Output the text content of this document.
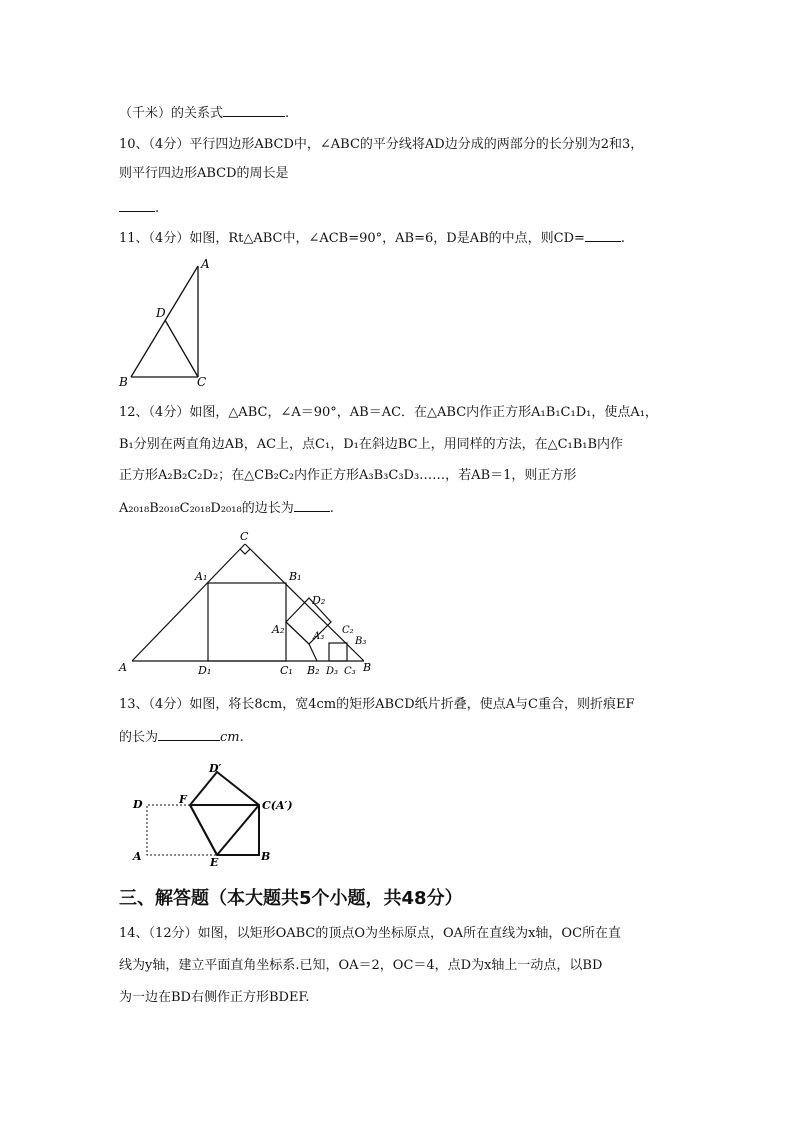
（千米）的关系式	.
10、（4分）平行四边形ABCD中，∠ABC的平分线将AD边分成的两部分的长分别为2和3，
则平行四边形ABCD的周长是
.
11、（4分）如图，Rt△ABC中，∠ACB=90°，AB=6，D是AB的中点，则CD=	.
A
D
B	C
12、（4分）如图，△ABC，∠A＝90°，AB＝AC．在△ABC内作正方形A₁B₁C₁D₁，使点A₁，
B₁分别在两直角边AB，AC上，点C₁，D₁在斜边BC上，用同样的方法，在△C₁B₁B内作
正方形A₂B₂C₂D₂；在△CB₂C₂内作正方形A₃B₃C₃D₃……，若AB＝1，则正方形
A₂₀₁₈B₂₀₁₈C₂₀₁₈D₂₀₁₈的边长为	.
C
A	B
A₁	B₁
D₁	C₁
D₂
A₂
B₂
A₃
C₂
B₃
D₃ C₃
13、（4分）如图，将长8cm，宽4cm的矩形ABCD纸片折叠，使点A与C重合，则折痕EF
的长为	cm.
D′
D	F	C(A′)
A	E	B
三、解答题（本大题共5个小题，共48分）
14、（12分）如图，以矩形OABC的顶点O为坐标原点，OA所在直线为x轴，OC所在直
线为y轴，建立平面直角坐标系.已知，OA＝2，OC＝4，点D为x轴上一动点，以BD
为一边在BD右侧作正方形BDEF.
